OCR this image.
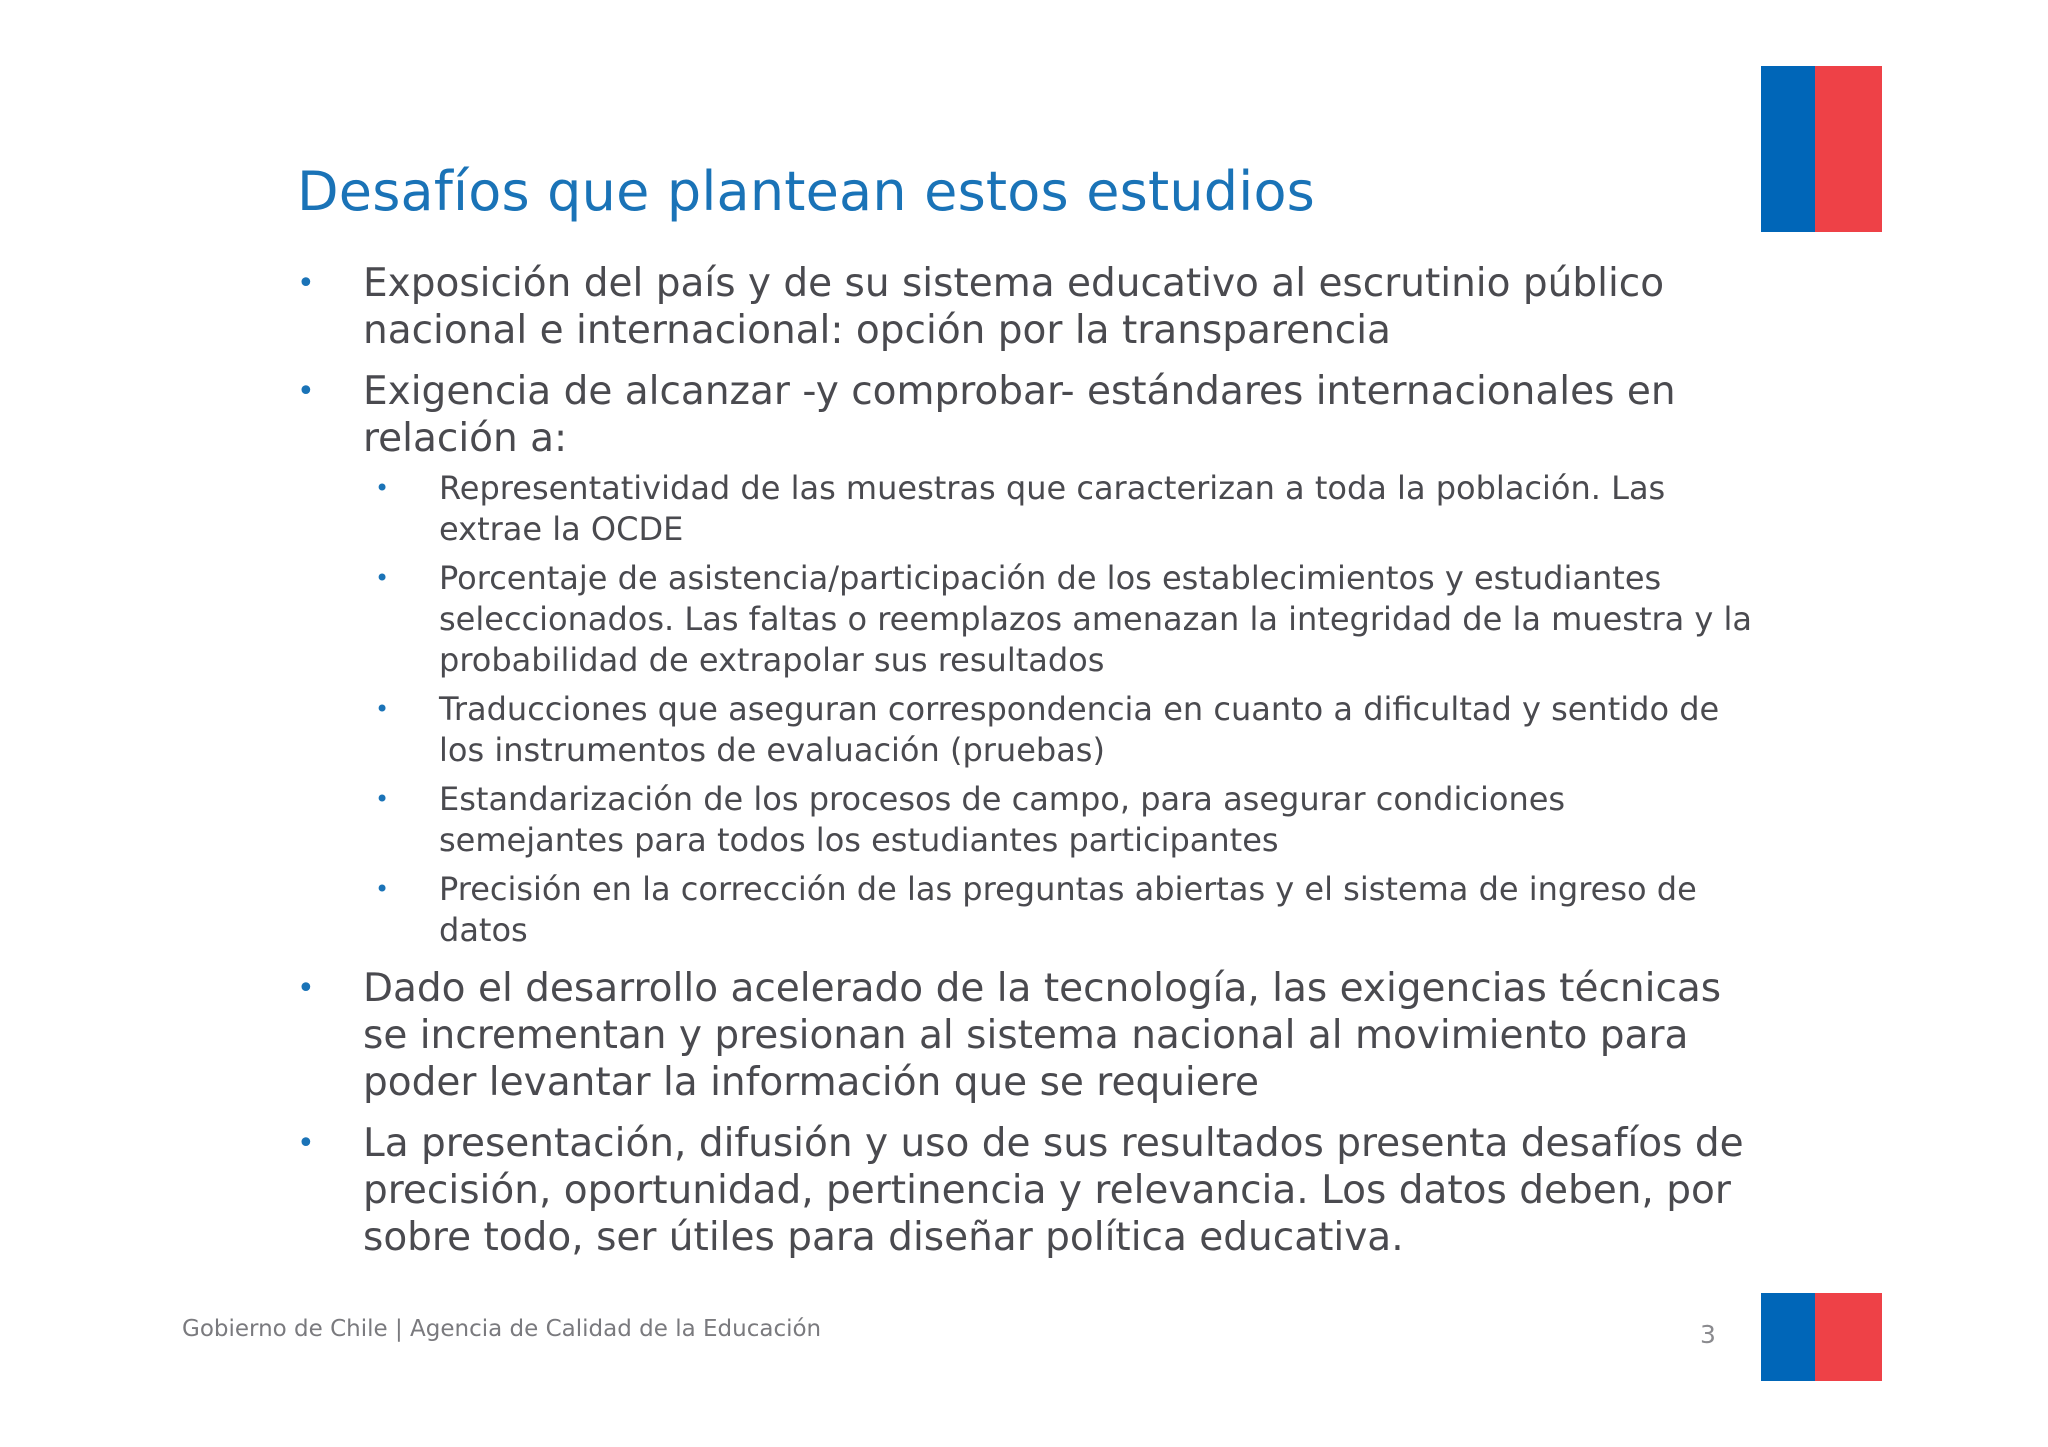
Desafíos que plantean estos estudios
• Exposición del país y de su sistema educativo al escrutinio público nacional e internacional: opción por la transparencia
• Exigencia de alcanzar -y comprobar- estándares internacionales en relación a:
• Representatividad de las muestras que caracterizan a toda la población. Las extrae la OCDE
• Porcentaje de asistencia/participación de los establecimientos y estudiantes seleccionados. Las faltas o reemplazos amenazan la integridad de la muestra y la probabilidad de extrapolar sus resultados
• Traducciones que aseguran correspondencia en cuanto a dificultad y sentido de los instrumentos de evaluación (pruebas)
• Estandarización de los procesos de campo, para asegurar condiciones semejantes para todos los estudiantes participantes
• Precisión en la corrección de las preguntas abiertas y el sistema de ingreso de datos
• Dado el desarrollo acelerado de la tecnología, las exigencias técnicas se incrementan y presionan al sistema nacional al movimiento para poder levantar la información que se requiere
• La presentación, difusión y uso de sus resultados presenta desafíos de precisión, oportunidad, pertinencia y relevancia. Los datos deben, por sobre todo, ser útiles para diseñar política educativa.
Gobierno de Chile | Agencia de Calidad de la Educación	3
